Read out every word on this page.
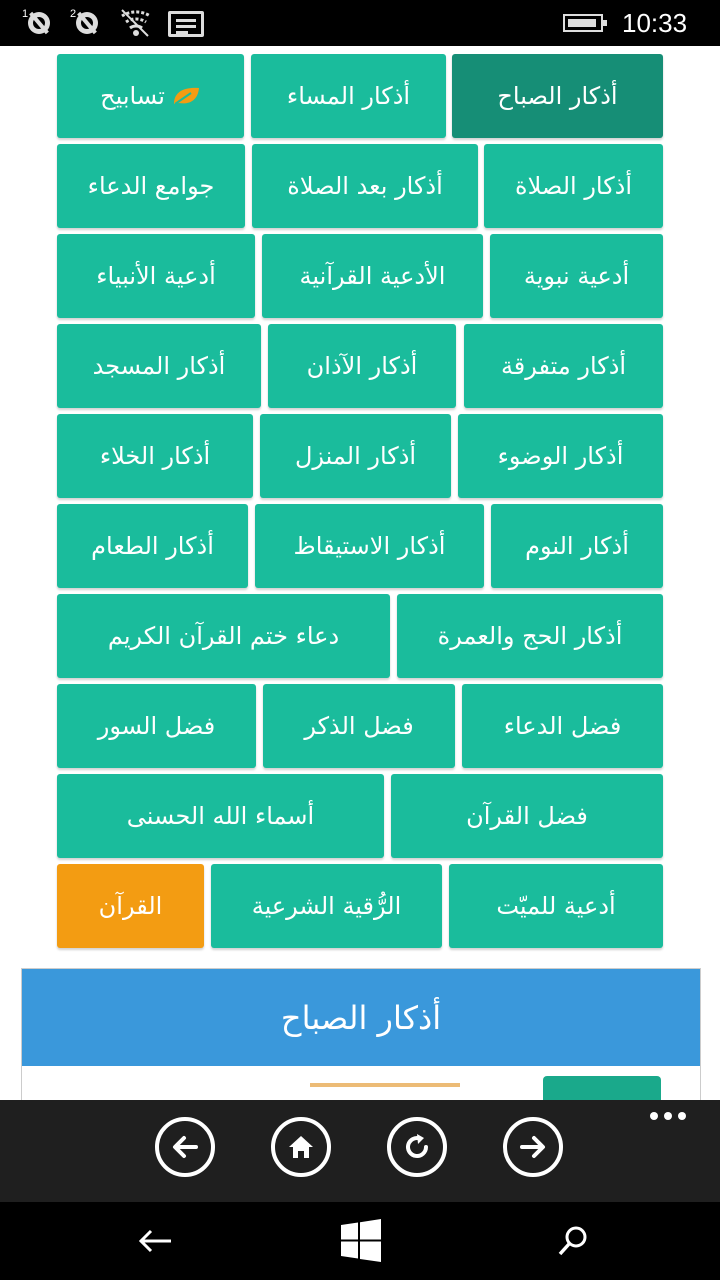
1	2	10:33
أذكار الصباح
أذكار المساء
تسابيح
أذكار الصلاة
أذكار بعد الصلاة
جوامع الدعاء
أدعية نبوية
الأدعية القرآنية
أدعية الأنبياء
أذكار متفرقة
أذكار الآذان
أذكار المسجد
أذكار الوضوء
أذكار المنزل
أذكار الخلاء
أذكار النوم
أذكار الاستيقاظ
أذكار الطعام
أذكار الحج والعمرة
دعاء ختم القرآن الكريم
فضل الدعاء
فضل الذكر
فضل السور
فضل القرآن
أسماء الله الحسنى
أدعية للميّت
الرُّقية الشرعية
القرآن
أذكار الصباح
